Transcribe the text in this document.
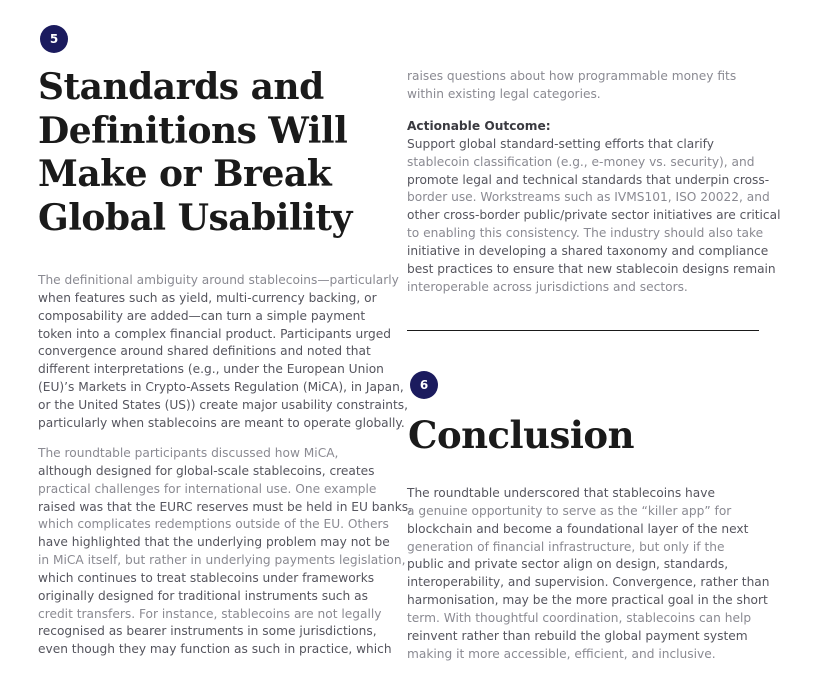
5
Standards and
Definitions Will
Make or Break
Global Usability
The definitional ambiguity around stablecoins—particularly
when features such as yield, multi-currency backing, or
composability are added—can turn a simple payment
token into a complex financial product. Participants urged
convergence around shared definitions and noted that
different interpretations (e.g., under the European Union
(EU)’s Markets in Crypto-Assets Regulation (MiCA), in Japan,
or the United States (US)) create major usability constraints,
particularly when stablecoins are meant to operate globally.
The roundtable participants discussed how MiCA,
although designed for global-scale stablecoins, creates
practical challenges for international use. One example
raised was that the EURC reserves must be held in EU banks,
which complicates redemptions outside of the EU. Others
have highlighted that the underlying problem may not be
in MiCA itself, but rather in underlying payments legislation,
which continues to treat stablecoins under frameworks
originally designed for traditional instruments such as
credit transfers. For instance, stablecoins are not legally
recognised as bearer instruments in some jurisdictions,
even though they may function as such in practice, which
raises questions about how programmable money fits
within existing legal categories.
Actionable Outcome:
Support global standard-setting efforts that clarify
stablecoin classification (e.g., e-money vs. security), and
promote legal and technical standards that underpin cross-
border use. Workstreams such as IVMS101, ISO 20022, and
other cross-border public/private sector initiatives are critical
to enabling this consistency. The industry should also take
initiative in developing a shared taxonomy and compliance
best practices to ensure that new stablecoin designs remain
interoperable across jurisdictions and sectors.
6
Conclusion
The roundtable underscored that stablecoins have
a genuine opportunity to serve as the “killer app” for
blockchain and become a foundational layer of the next
generation of financial infrastructure, but only if the
public and private sector align on design, standards,
interoperability, and supervision. Convergence, rather than
harmonisation, may be the more practical goal in the short
term. With thoughtful coordination, stablecoins can help
reinvent rather than rebuild the global payment system
making it more accessible, efficient, and inclusive.
